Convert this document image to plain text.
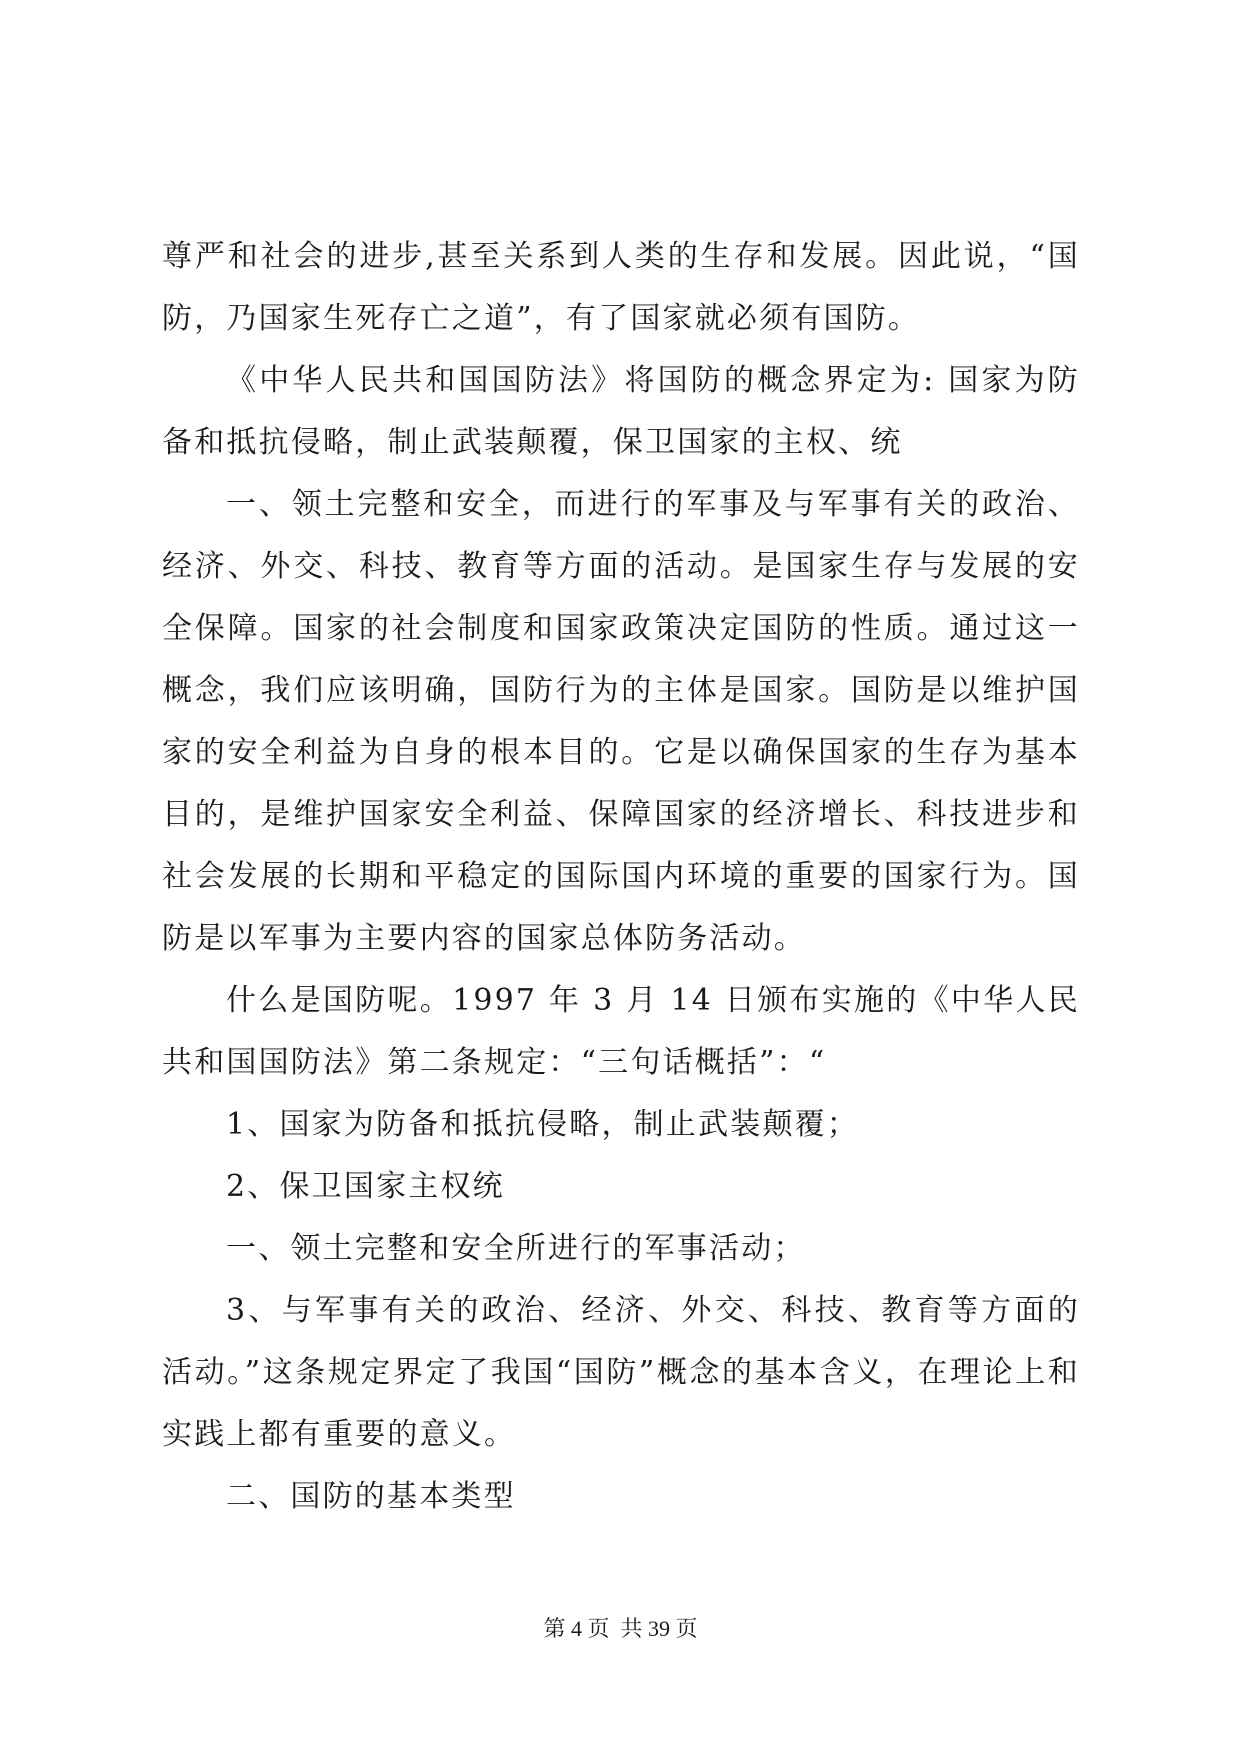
尊严和社会的进步,甚至关系到人类的生存和发展。因此说，“国防，乃国家生死存亡之道”，有了国家就必须有国防。

《中华人民共和国国防法》将国防的概念界定为: 国家为防备和抵抗侵略，制止武装颠覆，保卫国家的主权、统

一、领土完整和安全，而进行的军事及与军事有关的政治、经济、外交、科技、教育等方面的活动。是国家生存与发展的安全保障。国家的社会制度和国家政策决定国防的性质。通过这一概念，我们应该明确，国防行为的主体是国家。国防是以维护国家的安全利益为自身的根本目的。它是以确保国家的生存为基本目的，是维护国家安全利益、保障国家的经济增长、科技进步和社会发展的长期和平稳定的国际国内环境的重要的国家行为。国防是以军事为主要内容的国家总体防务活动。

什么是国防呢。1997 年 3 月 14 日颁布实施的《中华人民共和国国防法》第二条规定：“三句话概括”：“

1、国家为防备和抵抗侵略，制止武装颠覆；

2、保卫国家主权统

一、领土完整和安全所进行的军事活动；

3、与军事有关的政治、经济、外交、科技、教育等方面的活动。”这条规定界定了我国“国防”概念的基本含义，在理论上和实践上都有重要的意义。

二、国防的基本类型

第 4 页  共 39 页
